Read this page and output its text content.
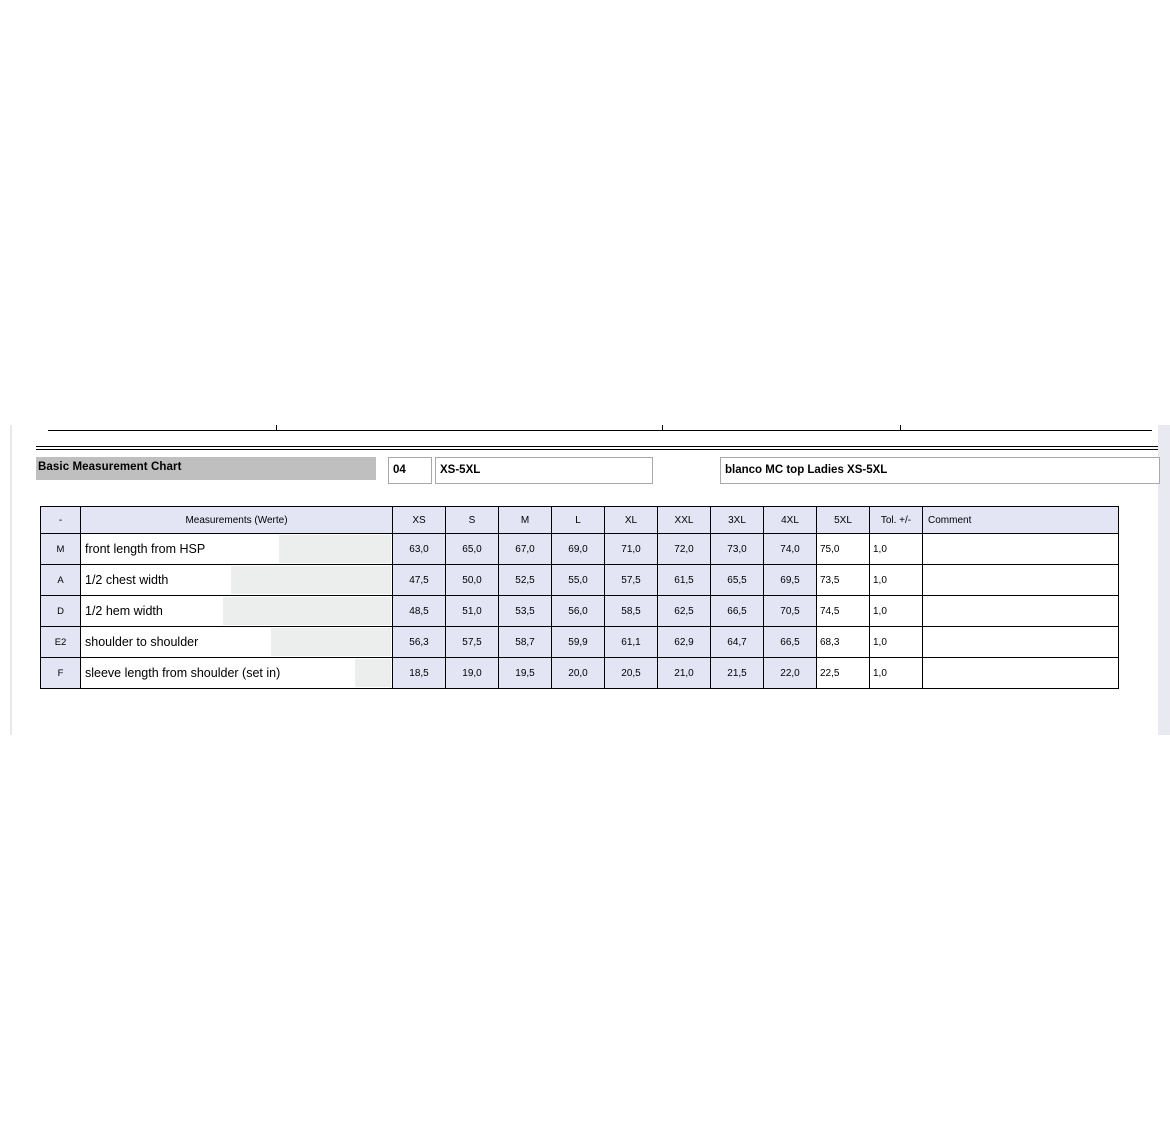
Basic Measurement Chart	04	XS-5XL	blanco MC top Ladies XS-5XL
-	Measurements (Werte)	XS	S	M	L	XL	XXL	3XL	4XL	5XL	Tol. +/-	Comment
M	front length from HSP	63,0	65,0	67,0	69,0	71,0	72,0	73,0	74,0	75,0	1,0	
A	1/2 chest width	47,5	50,0	52,5	55,0	57,5	61,5	65,5	69,5	73,5	1,0	
D	1/2 hem width	48,5	51,0	53,5	56,0	58,5	62,5	66,5	70,5	74,5	1,0	
E2	shoulder to shoulder	56,3	57,5	58,7	59,9	61,1	62,9	64,7	66,5	68,3	1,0	
F	sleeve length from shoulder (set in)	18,5	19,0	19,5	20,0	20,5	21,0	21,5	22,0	22,5	1,0	
